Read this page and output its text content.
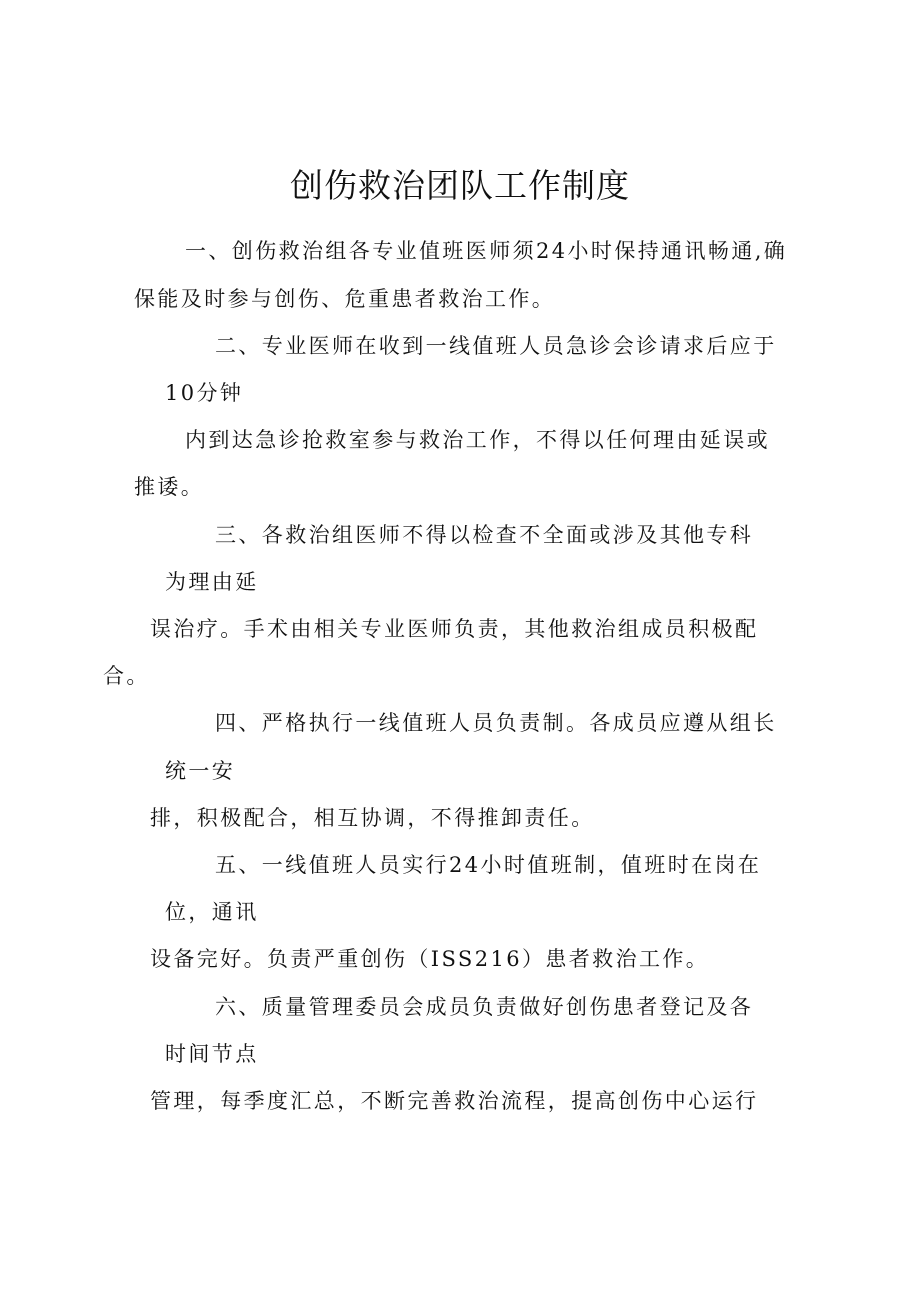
创伤救治团队工作制度
一、创伤救治组各专业值班医师须24小时保持通讯畅通,确
保能及时参与创伤、危重患者救治工作。
二、专业医师在收到一线值班人员急诊会诊请求后应于
10分钟
内到达急诊抢救室参与救治工作，不得以任何理由延误或
推诿。
三、各救治组医师不得以检查不全面或涉及其他专科
为理由延
误治疗。手术由相关专业医师负责，其他救治组成员积极配
合。
四、严格执行一线值班人员负责制。各成员应遵从组长
统一安
排，积极配合，相互协调，不得推卸责任。
五、一线值班人员实行24小时值班制，值班时在岗在
位，通讯
设备完好。负责严重创伤（ISS216）患者救治工作。
六、质量管理委员会成员负责做好创伤患者登记及各
时间节点
管理，每季度汇总，不断完善救治流程，提高创伤中心运行
